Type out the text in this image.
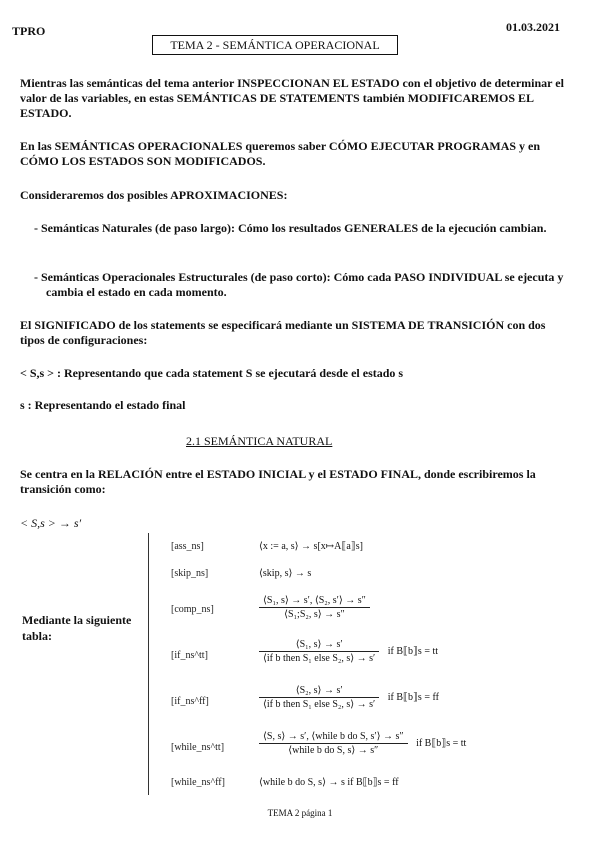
TPRO	01.03.2021
TEMA 2 - SEMÁNTICA OPERACIONAL
Mientras las semánticas del tema anterior INSPECCIONAN EL ESTADO con el objetivo de determinar el valor de las variables, en estas SEMÁNTICAS DE STATEMENTS también MODIFICAREMOS EL ESTADO.
En las SEMÁNTICAS OPERACIONALES queremos saber CÓMO EJECUTAR PROGRAMAS y en CÓMO LOS ESTADOS SON MODIFICADOS.
Consideraremos dos posibles APROXIMACIONES:
- Semánticas Naturales (de paso largo): Cómo los resultados GENERALES de la ejecución cambian.
- Semánticas Operacionales Estructurales (de paso corto): Cómo cada PASO INDIVIDUAL se ejecuta y cambia el estado en cada momento.
El SIGNIFICADO de los statements se especificará mediante un SISTEMA DE TRANSICIÓN con dos tipos de configuraciones:
< S,s > : Representando que cada statement S se ejecutará desde el estado s
s : Representando el estado final
2.1 SEMÁNTICA NATURAL
Se centra en la RELACIÓN entre el ESTADO INICIAL y el ESTADO FINAL, donde escribiremos la transición como:
< S,s > → s′
Mediante la siguiente tabla:
[ass_ns]	⟨x := a, s⟩ → s[x↦A⟦a⟧s]
[skip_ns]	⟨skip, s⟩ → s
[comp_ns]	$\frac{\text{⟨S₁, s⟩ → s′, ⟨S₂, s′⟩ → s″}}{\text{⟨S₁;S₂, s⟩ → s″}}$
[if_ns^tt]	$\frac{\text{⟨S₁, s⟩ → s′}}{\text{⟨if b then S₁ else S₂, s⟩ → s′}}$ if B⟦b⟧s = tt
[if_ns^ff]	$\frac{\text{⟨S₂, s⟩ → s′}}{\text{⟨if b then S₁ else S₂, s⟩ → s′}}$ if B⟦b⟧s = ff
[while_ns^tt]	$\frac{\text{⟨S, s⟩ → s′, ⟨while b do S, s′⟩ → s″}}{\text{⟨while b do S, s⟩ → s″}}$ if B⟦b⟧s = tt
[while_ns^ff]	⟨while b do S, s⟩ → s if B⟦b⟧s = ff
TEMA 2 página 1
